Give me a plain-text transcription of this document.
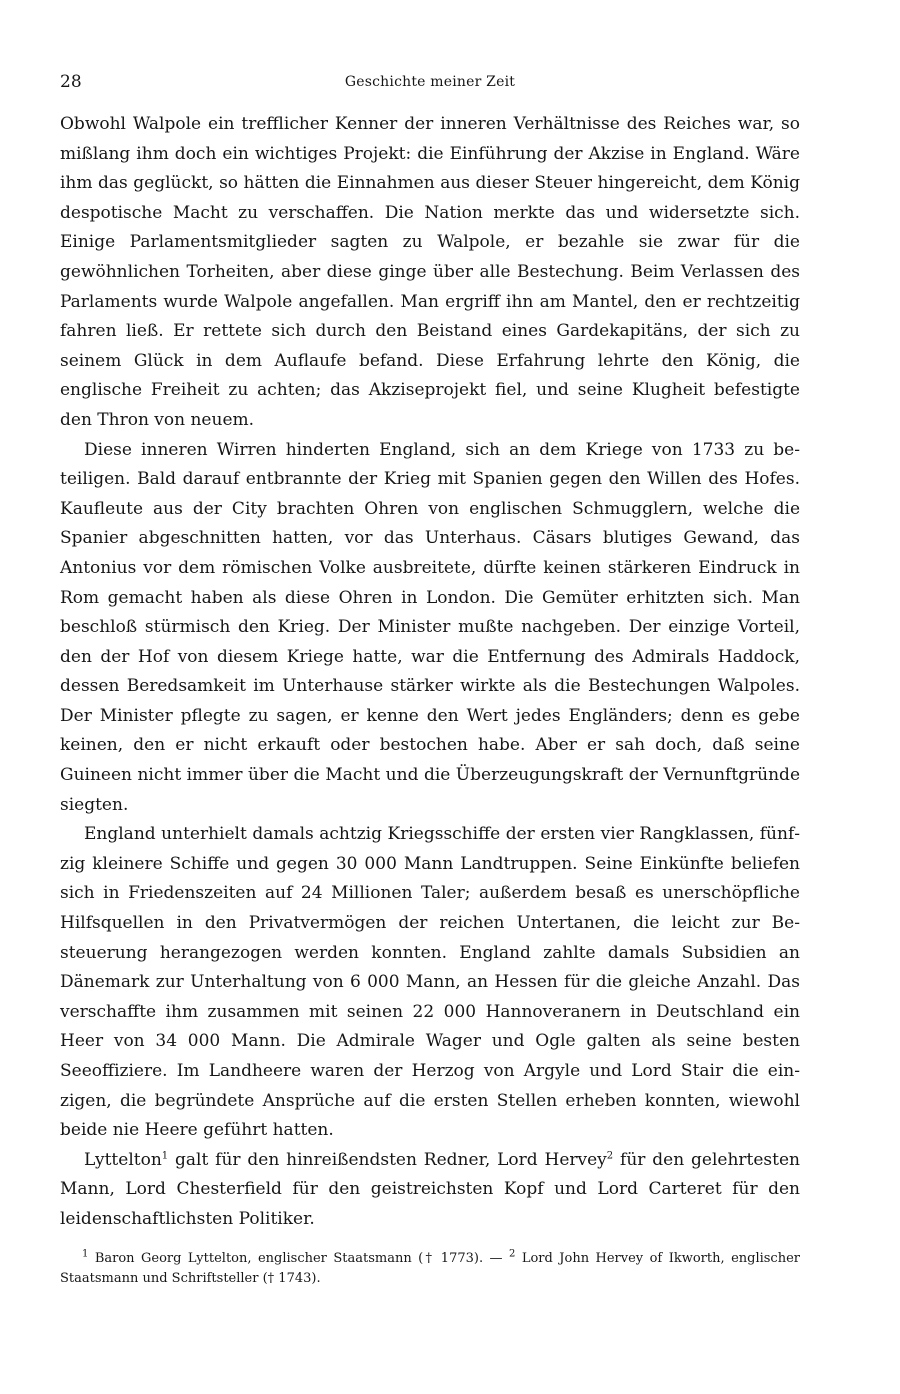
28	Geschichte meiner Zeit

Obwohl Walpole ein trefflicher Kenner der inneren Verhältnisse des Reiches war, so mißlang ihm doch ein wichtiges Projekt: die Einführung der Akzise in England. Wäre ihm das geglückt, so hätten die Einnahmen aus dieser Steuer hingereicht, dem König despotische Macht zu verschaffen. Die Nation merkte das und widersetzte sich. Einige Parlamentsmitglieder sagten zu Walpole, er bezahle sie zwar für die gewöhnlichen Torheiten, aber diese ginge über alle Bestechung. Beim Verlassen des Parlaments wurde Walpole angefallen. Man ergriff ihn am Mantel, den er rechtzeitig fahren ließ. Er rettete sich durch den Beistand eines Gardekapitäns, der sich zu seinem Glück in dem Auflaufe befand. Diese Erfahrung lehrte den König, die englische Freiheit zu achten; das Akziseprojekt fiel, und seine Klugheit befestigte den Thron von neuem.

Diese inneren Wirren hinderten England, sich an dem Kriege von 1733 zu beteiligen. Bald darauf entbrannte der Krieg mit Spanien gegen den Willen des Hofes. Kaufleute aus der City brachten Ohren von englischen Schmugglern, welche die Spanier abgeschnitten hatten, vor das Unterhaus. Cäsars blutiges Gewand, das Antonius vor dem römischen Volke ausbreitete, dürfte keinen stärkeren Eindruck in Rom gemacht haben als diese Ohren in London. Die Gemüter erhitzten sich. Man beschloß stürmisch den Krieg. Der Minister mußte nachgeben. Der einzige Vorteil, den der Hof von diesem Kriege hatte, war die Entfernung des Admirals Haddock, dessen Beredsamkeit im Unterhause stärker wirkte als die Bestechungen Walpoles. Der Minister pflegte zu sagen, er kenne den Wert jedes Engländers; denn es gebe keinen, den er nicht erkauft oder bestochen habe. Aber er sah doch, daß seine Guineen nicht immer über die Macht und die Überzeugungskraft der Vernunftgründe siegten.

England unterhielt damals achtzig Kriegsschiffe der ersten vier Rangklassen, fünfzig kleinere Schiffe und gegen 30 000 Mann Landtruppen. Seine Einkünfte beliefen sich in Friedenszeiten auf 24 Millionen Taler; außerdem besaß es unerschöpfliche Hilfsquellen in den Privatvermögen der reichen Untertanen, die leicht zur Besteuerung herangezogen werden konnten. England zahlte damals Subsidien an Dänemark zur Unterhaltung von 6 000 Mann, an Hessen für die gleiche Anzahl. Das verschaffte ihm zusammen mit seinen 22 000 Hannoveranern in Deutschland ein Heer von 34 000 Mann. Die Admirale Wager und Ogle galten als seine besten Seeoffiziere. Im Landheere waren der Herzog von Argyle und Lord Stair die einzigen, die begründete Ansprüche auf die ersten Stellen erheben konnten, wiewohl beide nie Heere geführt hatten.

Lyttelton$^1$ galt für den hinreißendsten Redner, Lord Hervey$^2$ für den gelehrtesten Mann, Lord Chesterfield für den geistreichsten Kopf und Lord Carteret für den leidenschaftlichsten Politiker.

$^1$ Baron Georg Lyttelton, englischer Staatsmann († 1773). — $^2$ Lord John Hervey of Ikworth, englischer Staatsmann und Schriftsteller († 1743).
